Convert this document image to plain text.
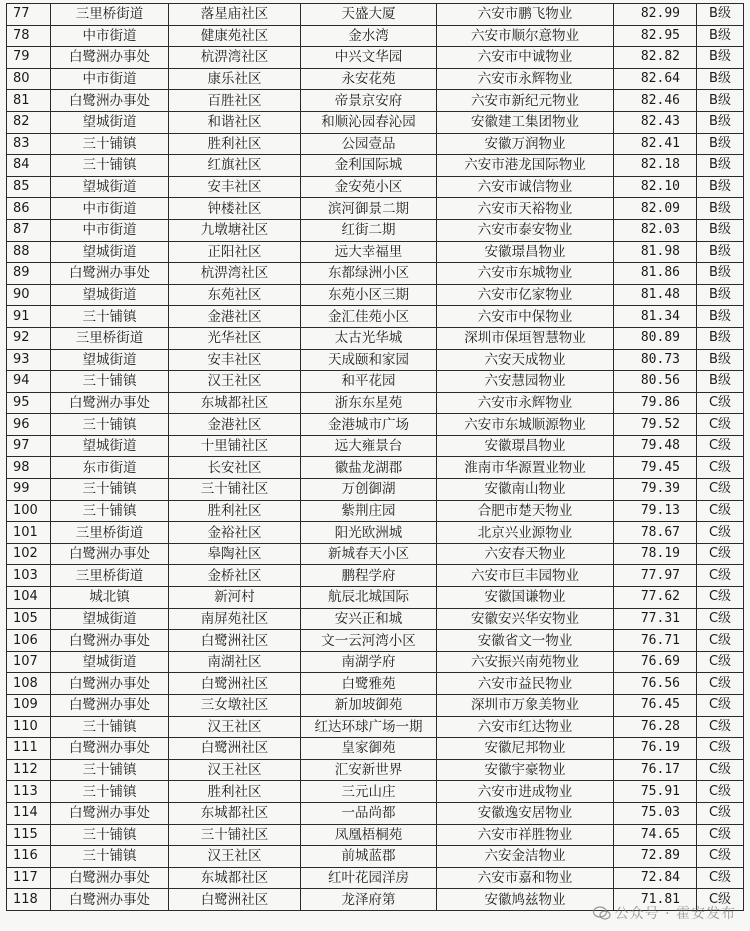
77	三里桥街道	落星庙社区	天盛大厦	六安市鹏飞物业	82.99	B级
78	中市街道	健康苑社区	金水湾	六安市顺尔意物业	82.95	B级
79	白鹭洲办事处	杭淠湾社区	中兴文华园	六安市中诚物业	82.82	B级
80	中市街道	康乐社区	永安花苑	六安市永辉物业	82.64	B级
81	白鹭洲办事处	百胜社区	帝景京安府	六安市新纪元物业	82.46	B级
82	望城街道	和谐社区	和顺沁园春沁园	安徽建工集团物业	82.43	B级
83	三十铺镇	胜利社区	公园壹品	安徽万润物业	82.41	B级
84	三十铺镇	红旗社区	金利国际城	六安市港龙国际物业	82.18	B级
85	望城街道	安丰社区	金安苑小区	六安市诚信物业	82.10	B级
86	中市街道	钟楼社区	滨河御景二期	六安市天裕物业	82.09	B级
87	中市街道	九墩塘社区	红街二期	六安市泰安物业	82.03	B级
88	望城街道	正阳社区	远大幸福里	安徽璟昌物业	81.98	B级
89	白鹭洲办事处	杭淠湾社区	东都绿洲小区	六安市东城物业	81.86	B级
90	望城街道	东苑社区	东苑小区三期	六安市亿家物业	81.48	B级
91	三十铺镇	金港社区	金汇佳苑小区	六安市中保物业	81.34	B级
92	三里桥街道	光华社区	太古光华城	深圳市保垣智慧物业	80.89	B级
93	望城街道	安丰社区	天成颐和家园	六安天成物业	80.73	B级
94	三十铺镇	汉王社区	和平花园	六安慧园物业	80.56	B级
95	白鹭洲办事处	东城都社区	浙东东星苑	六安市永辉物业	79.86	C级
96	三十铺镇	金港社区	金港城市广场	六安市东城顺源物业	79.52	C级
97	望城街道	十里铺社区	远大雍景台	安徽璟昌物业	79.48	C级
98	东市街道	长安社区	徽盐龙湖郡	淮南市华源置业物业	79.45	C级
99	三十铺镇	三十铺社区	万创御湖	安徽南山物业	79.39	C级
100	三十铺镇	胜利社区	紫荆庄园	合肥市楚天物业	79.13	C级
101	三里桥街道	金裕社区	阳光欧洲城	北京兴业源物业	78.67	C级
102	白鹭洲办事处	皋陶社区	新城春天小区	六安春天物业	78.19	C级
103	三里桥街道	金桥社区	鹏程学府	六安市巨丰园物业	77.97	C级
104	城北镇	新河村	航辰北城国际	安徽国谦物业	77.62	C级
105	望城街道	南屏苑社区	安兴正和城	安徽安兴华安物业	77.31	C级
106	白鹭洲办事处	白鹭洲社区	文一云河湾小区	安徽省文一物业	76.71	C级
107	望城街道	南湖社区	南湖学府	六安振兴南苑物业	76.69	C级
108	白鹭洲办事处	白鹭洲社区	白鹭雅苑	六安市益民物业	76.56	C级
109	白鹭洲办事处	三女墩社区	新加坡御苑	深圳市万象美物业	76.45	C级
110	三十铺镇	汉王社区	红达环球广场一期	六安市红达物业	76.28	C级
111	白鹭洲办事处	白鹭洲社区	皇家御苑	安徽尼邦物业	76.19	C级
112	三十铺镇	汉王社区	汇安新世界	安徽宇豪物业	76.17	C级
113	三十铺镇	胜利社区	三元山庄	六安市进成物业	75.91	C级
114	白鹭洲办事处	东城都社区	一品尚都	安徽逸安居物业	75.03	C级
115	三十铺镇	三十铺社区	凤凰梧桐苑	六安市祥胜物业	74.65	C级
116	三十铺镇	汉王社区	前城蓝郡	六安金洁物业	72.89	C级
117	白鹭洲办事处	东城都社区	红叶花园洋房	六安市嘉和物业	72.84	C级
118	白鹭洲办事处	白鹭洲社区	龙泽府第	安徽鸠兹物业	71.81	C级
公众号 · 霍安发布
